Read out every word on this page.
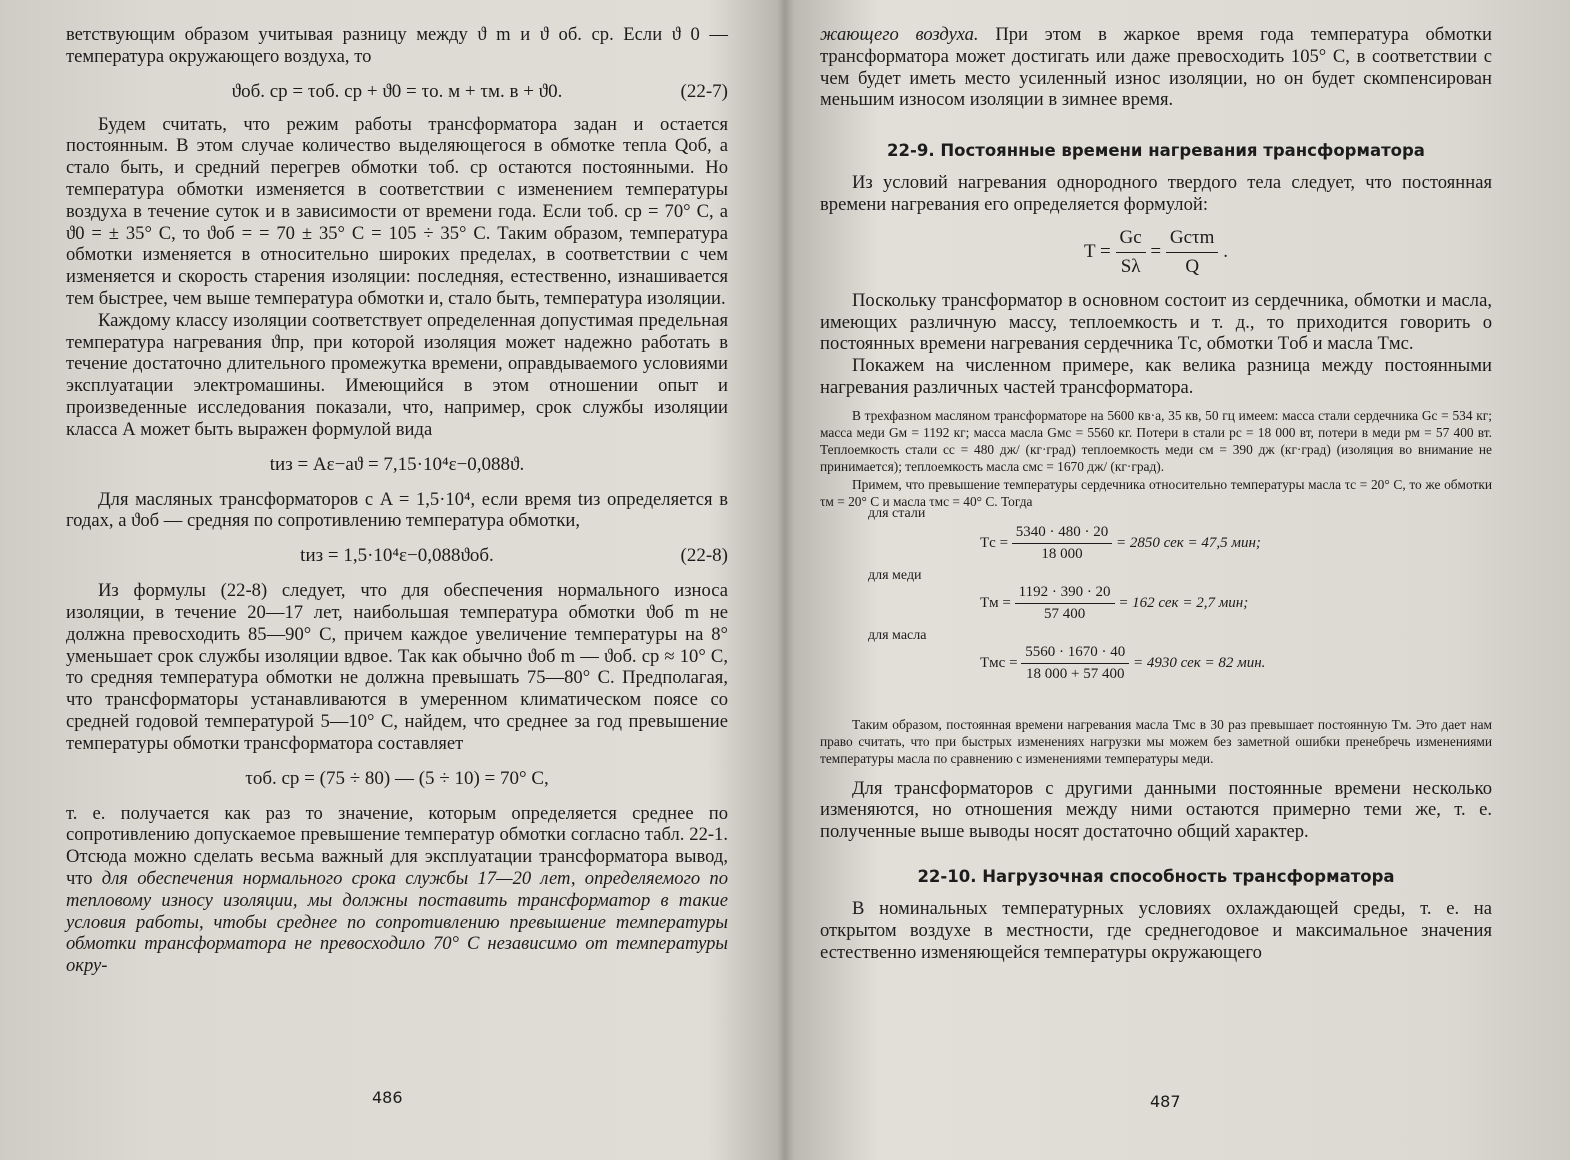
ветствующим образом учитывая разницу между ϑ m и ϑ об. ср. Если ϑ 0 — температура окружающего воздуха, то

ϑоб. ср = τоб. ср + ϑ0 = τо. м + τм. в + ϑ0.	(22-7)

Будем считать, что режим работы трансформатора задан и остается постоянным. В этом случае количество выделяющегося в обмотке тепла Qоб, а стало быть, и средний перегрев обмотки τоб. ср остаются постоянными. Но температура обмотки изменяется в соответствии с изменением температуры воздуха в течение суток и в зависимости от времени года. Если τоб. ср = 70° С, а ϑ0 = ± 35° С, то ϑоб = = 70 ± 35° С = 105 ÷ 35° С. Таким образом, температура обмотки изменяется в относительно широких пределах, в соответствии с чем изменяется и скорость старения изоляции: последняя, естественно, изнашивается тем быстрее, чем выше температура обмотки и, стало быть, температура изоляции.

Каждому классу изоляции соответствует определенная допустимая предельная температура нагревания ϑпр, при которой изоляция может надежно работать в течение достаточно длительного промежутка времени, оправдываемого условиями эксплуатации электромашины. Имеющийся в этом отношении опыт и произведенные исследования показали, что, например, срок службы изоляции класса А может быть выражен формулой вида

tиз = Aε−aϑ = 7,15·10⁴ε−0,088ϑ.

Для масляных трансформаторов с A = 1,5·10⁴, если время tиз определяется в годах, а ϑоб — средняя по сопротивлению температура обмотки,

tиз = 1,5·10⁴ε−0,088ϑоб.	(22-8)

Из формулы (22-8) следует, что для обеспечения нормального износа изоляции, в течение 20—17 лет, наибольшая температура обмотки ϑоб m не должна превосходить 85—90° С, причем каждое увеличение температуры на 8° уменьшает срок службы изоляции вдвое. Так как обычно ϑоб m — ϑоб. ср ≈ 10° С, то средняя температура обмотки не должна превышать 75—80° С. Предполагая, что трансформаторы устанавливаются в умеренном климатическом поясе со средней годовой температурой 5—10° С, найдем, что среднее за год превышение температуры обмотки трансформатора составляет

τоб. ср = (75 ÷ 80) — (5 ÷ 10) = 70° С,

т. е. получается как раз то значение, которым определяется среднее по сопротивлению допускаемое превышение температур обмотки согласно табл. 22-1. Отсюда можно сделать весьма важный для эксплуатации трансформатора вывод, что для обеспечения нормального срока службы 17—20 лет, определяемого по тепловому износу изоляции, мы должны поставить трансформатор в такие условия работы, чтобы среднее по сопротивлению превышение температуры обмотки трансформатора не превосходило 70° С независимо от температуры окру-

486

жающего воздуха. При этом в жаркое время года температура обмотки трансформатора может достигать или даже превосходить 105° С, в соответствии с чем будет иметь место усиленный износ изоляции, но он будет скомпенсирован меньшим износом изоляции в зимнее время.

22-9. Постоянные времени нагревания трансформатора

Из условий нагревания однородного твердого тела следует, что постоянная времени нагревания его определяется формулой:

$T = \frac{Gc}{S\lambda} = \frac{\text{Gcτm}}{Q}$ .

Поскольку трансформатор в основном состоит из сердечника, обмотки и масла, имеющих различную массу, теплоемкость и т. д., то приходится говорить о постоянных времени нагревания сердечника Tс, обмотки Tоб и масла Tмс.

Покажем на численном примере, как велика разница между постоянными нагревания различных частей трансформатора.

В трехфазном масляном трансформаторе на 5600 кв·а, 35 кв, 50 гц имеем: масса стали сердечника Gс = 534 кг; масса меди Gм = 1192 кг; масса масла Gмс = 5560 кг. Потери в стали pс = 18 000 вт, потери в меди pм = 57 400 вт. Теплоемкость стали cс = 480 дж/ (кг·град) теплоемкость меди cм = 390 дж (кг·град) (изоляция во внимание не принимается); теплоемкость масла cмс = 1670 дж/ (кг·град).

Примем, что превышение температуры сердечника относительно температуры масла τс = 20° С, то же обмотки τм = 20° С и масла τмс = 40° С. Тогда

для стали
Tс = $\frac{5340 \cdot 480 \cdot 20}{18 000} = 2850$ сек = 47,5 мин;
для меди
Tм = $\frac{1192 \cdot 390 \cdot 20}{57 400} = 162$ сек = 2,7 мин;
для масла
Tмс = $\frac{5560 \cdot 1670 \cdot 40}{18 000 + 57 400} = 4930$ сек = 82 мин.

Таким образом, постоянная времени нагревания масла Tмс в 30 раз превышает постоянную Tм. Это дает нам право считать, что при быстрых изменениях нагрузки мы можем без заметной ошибки пренебречь изменениями температуры масла по сравнению с изменениями температуры меди.

Для трансформаторов с другими данными постоянные времени несколько изменяются, но отношения между ними остаются примерно теми же, т. е. полученные выше выводы носят достаточно общий характер.

22-10. Нагрузочная способность трансформатора

В номинальных температурных условиях охлаждающей среды, т. е. на открытом воздухе в местности, где среднегодовое и максимальное значения естественно изменяющейся температуры окружающего

487
